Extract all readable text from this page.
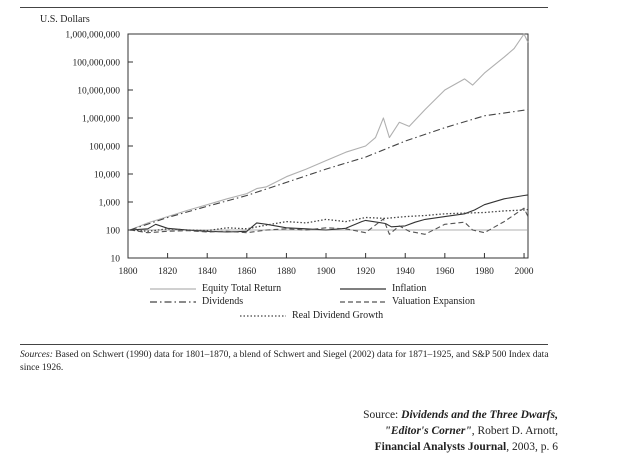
U.S. Dollars
10
100
1,000
10,000
100,000
1,000,000
10,000,000
100,000,000
1,000,000,000
1800 1820 1840 1860 1880 1900 1920 1940 1960 1980 2000
Equity Total Return	Inflation
Dividends	Valuation Expansion
Real Dividend Growth
Sources: Based on Schwert (1990) data for 1801–1870, a blend of Schwert and Siegel (2002) data for 1871–1925, and S&P 500 Index data since 1926.
Source: Dividends and the Three Dwarfs,
"Editor's Corner", Robert D. Arnott,
Financial Analysts Journal, 2003, p. 6
